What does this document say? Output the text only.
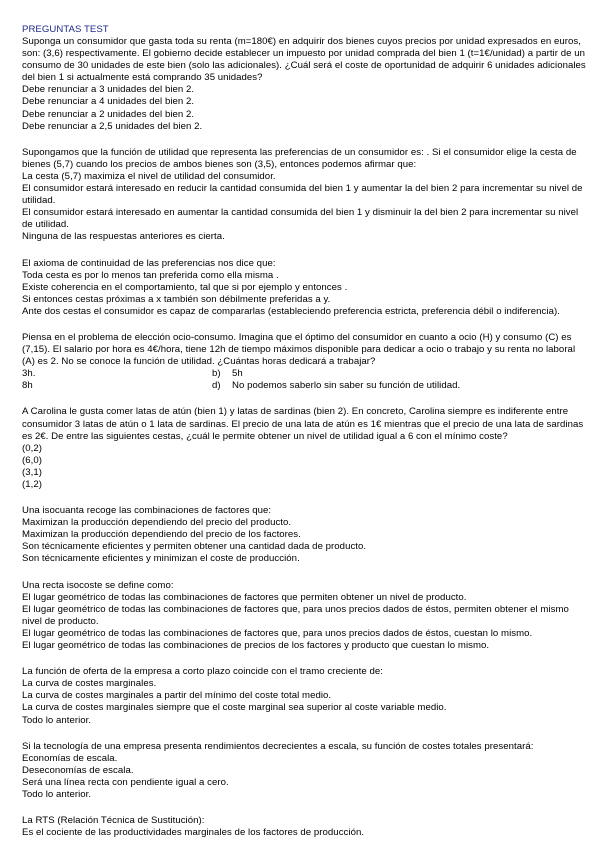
PREGUNTAS TEST

Suponga un consumidor que gasta toda su renta (m=180€) en adquirir dos bienes cuyos precios por unidad expresados en euros, son: (3,6) respectivamente. El gobierno decide establecer un impuesto por unidad comprada del bien 1 (t=1€/unidad) a partir de un consumo de 30 unidades de este bien (solo las adicionales). ¿Cuál será el coste de oportunidad de adquirir 6 unidades adicionales del bien 1 si actualmente está comprando 35 unidades?

Debe renunciar a 3 unidades del bien 2.

Debe renunciar a 4 unidades del bien 2.

Debe renunciar a 2 unidades del bien 2.

Debe renunciar a 2,5 unidades del bien 2.

Supongamos que la función de utilidad que representa las preferencias de un consumidor es: . Si el consumidor elige la cesta de bienes (5,7) cuando los precios de ambos bienes son (3,5), entonces podemos afirmar que:

La cesta (5,7) maximiza el nivel de utilidad del consumidor.

El consumidor estará interesado en reducir la cantidad consumida del bien 1 y aumentar la del bien 2 para incrementar su nivel de utilidad.

El consumidor estará interesado en aumentar la cantidad consumida del bien 1 y disminuir la del bien 2 para incrementar su nivel de utilidad.

Ninguna de las respuestas anteriores es cierta.

El axioma de continuidad de las preferencias nos dice que:

Toda cesta es por lo menos tan preferida como ella misma .

Existe coherencia en el comportamiento, tal que si por ejemplo y entonces .

Si entonces cestas próximas a x también son débilmente preferidas a y.

Ante dos cestas el consumidor es capaz de compararlas (estableciendo preferencia estricta, preferencia débil o indiferencia).

Piensa en el problema de elección ocio-consumo. Imagina que el óptimo del consumidor en cuanto a ocio (H) y consumo (C) es (7,15). El salario por hora es 4€/hora, tiene 12h de tiempo máximos disponible para dedicar a ocio o trabajo y su renta no laboral (A) es 2. No se conoce la función de utilidad. ¿Cuántas horas dedicará a trabajar?

3h.	b)	5h
8h	d)	No podemos saberlo sin saber su función de utilidad.

A Carolina le gusta comer latas de atún (bien 1) y latas de sardinas (bien 2). En concreto, Carolina siempre es indiferente entre consumidor 3 latas de atún o 1 lata de sardinas. El precio de una lata de atún es 1€ mientras que el precio de una lata de sardinas es 2€. De entre las siguientes cestas, ¿cuál le permite obtener un nivel de utilidad igual a 6 con el mínimo coste?

(0,2)

(6,0)

(3,1)

(1,2)

Una isocuanta recoge las combinaciones de factores que:

Maximizan la producción dependiendo del precio del producto.

Maximizan la producción dependiendo del precio de los factores.

Son técnicamente eficientes y permiten obtener una cantidad dada de producto.

Son técnicamente eficientes y minimizan el coste de producción.

Una recta isocoste se define como:

El lugar geométrico de todas las combinaciones de factores que permiten obtener un nivel de producto.

El lugar geométrico de todas las combinaciones de factores que, para unos precios dados de éstos, permiten obtener el mismo nivel de producto.

El lugar geométrico de todas las combinaciones de factores que, para unos precios dados de éstos, cuestan lo mismo.

El lugar geométrico de todas las combinaciones de precios de los factores y producto que cuestan lo mismo.

La función de oferta de la empresa a corto plazo coincide con el tramo creciente de:

La curva de costes marginales.

La curva de costes marginales a partir del mínimo del coste total medio.

La curva de costes marginales siempre que el coste marginal sea superior al coste variable medio.

Todo lo anterior.

Si la tecnología de una empresa presenta rendimientos decrecientes a escala, su función de costes totales presentará:

Economías de escala.

Deseconomías de escala.

Será una línea recta con pendiente igual a cero.

Todo lo anterior.

La RTS (Relación Técnica de Sustitución):

Es el cociente de las productividades marginales de los factores de producción.
